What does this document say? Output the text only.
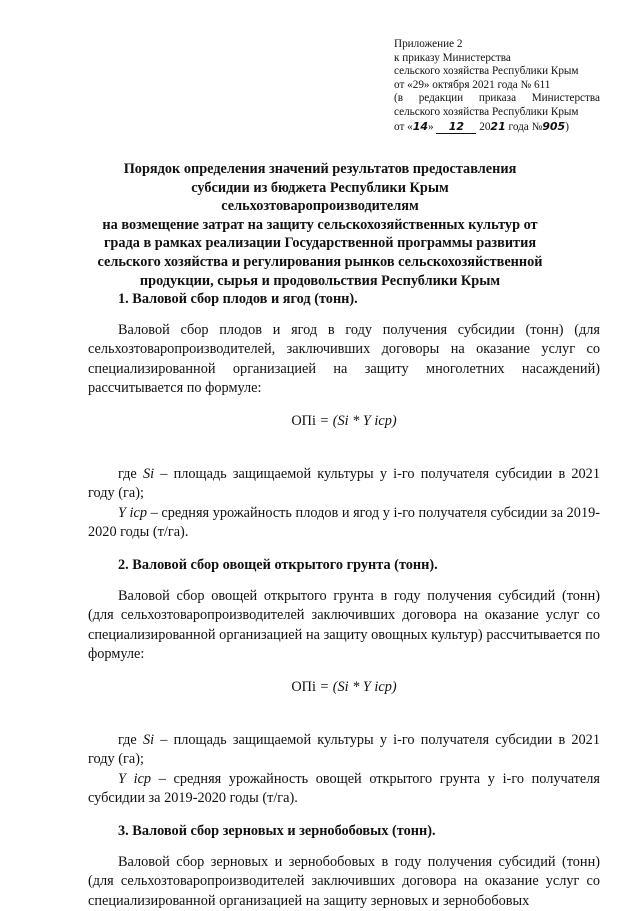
Приложение 2
к приказу Министерства
сельского хозяйства Республики Крым
от «29» октября 2021 года № 611
(в редакции приказа Министерства
сельского хозяйства Республики Крым
от «14» 12 2021 года №905)
Порядок определения значений результатов предоставления
субсидии из бюджета Республики Крым сельхозтоваропроизводителям
на возмещение затрат на защиту сельскохозяйственных культур от
града в рамках реализации Государственной программы развития
сельского хозяйства и регулирования рынков сельскохозяйственной
продукции, сырья и продовольствия Республики Крым

1. Валовой сбор плодов и ягод (тонн).

Валовой сбор плодов и ягод в году получения субсидии (тонн) (для сельхозтоваропроизводителей, заключивших договоры на оказание услуг со специализированной организацией на защиту многолетних насаждений) рассчитывается по формуле:

ОПi = (Si * Y icp)

где Si – площадь защищаемой культуры у i-го получателя субсидии в 2021 году (га);

Y icp – средняя урожайность плодов и ягод у i-го получателя субсидии за 2019-2020 годы (т/га).

2. Валовой сбор овощей открытого грунта (тонн).

Валовой сбор овощей открытого грунта в году получения субсидий (тонн) (для сельхозтоваропроизводителей заключивших договора на оказание услуг со специализированной организацией на защиту овощных культур) рассчитывается по формуле:

ОПi = (Si * Y icp)

где Si – площадь защищаемой культуры у i-го получателя субсидии в 2021 году (га);

Y icp – средняя урожайность овощей открытого грунта у i-го получателя субсидии за 2019-2020 годы (т/га).

3. Валовой сбор зерновых и зернобобовых (тонн).

Валовой сбор зерновых и зернобобовых в году получения субсидий (тонн) (для сельхозтоваропроизводителей заключивших договора на оказание услуг со специализированной организацией на защиту зерновых и зернобобовых
